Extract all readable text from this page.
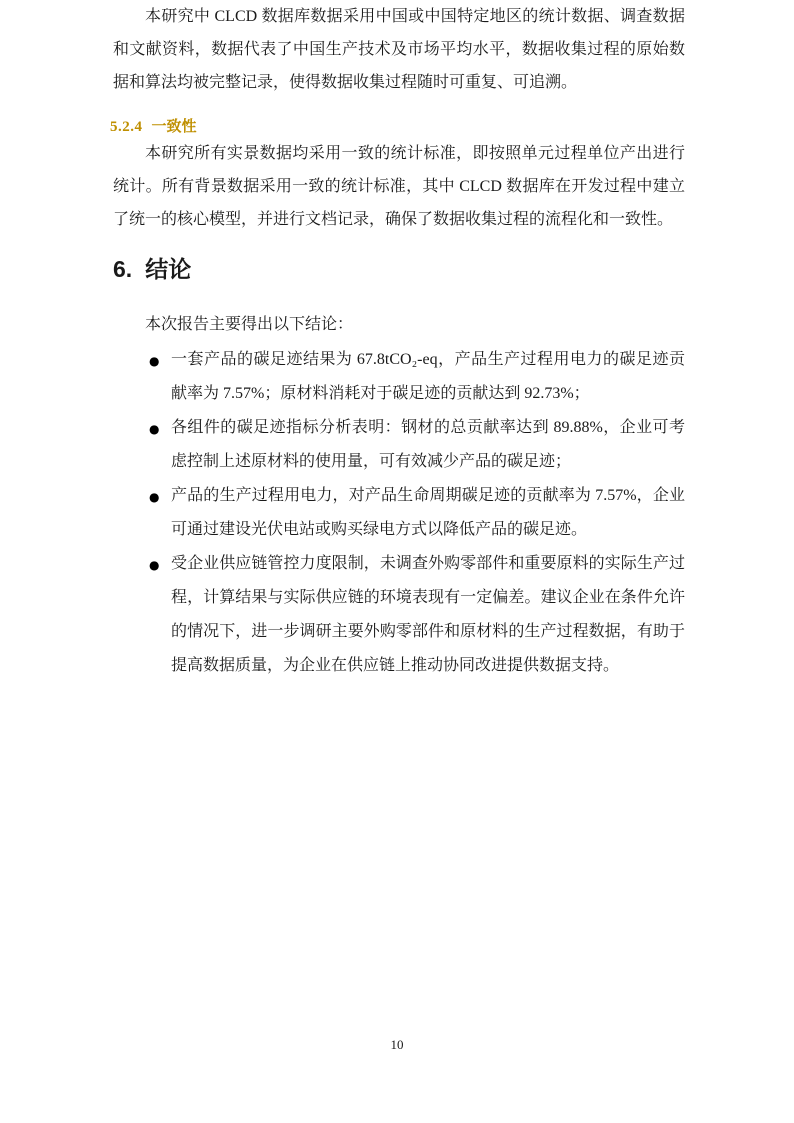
本研究中 CLCD 数据库数据采用中国或中国特定地区的统计数据、调查数据和文献资料，数据代表了中国生产技术及市场平均水平，数据收集过程的原始数据和算法均被完整记录，使得数据收集过程随时可重复、可追溯。

5.2.4 一致性

本研究所有实景数据均采用一致的统计标准，即按照单元过程单位产出进行统计。所有背景数据采用一致的统计标准，其中 CLCD 数据库在开发过程中建立了统一的核心模型，并进行文档记录，确保了数据收集过程的流程化和一致性。

6. 结论

本次报告主要得出以下结论：

● 一套产品的碳足迹结果为 67.8tCO₂-eq，产品生产过程用电力的碳足迹贡献率为 7.57%；原材料消耗对于碳足迹的贡献达到 92.73%；
● 各组件的碳足迹指标分析表明：钢材的总贡献率达到 89.88%，企业可考虑控制上述原材料的使用量，可有效减少产品的碳足迹；
● 产品的生产过程用电力，对产品生命周期碳足迹的贡献率为 7.57%，企业可通过建设光伏电站或购买绿电方式以降低产品的碳足迹。
● 受企业供应链管控力度限制，未调查外购零部件和重要原料的实际生产过程，计算结果与实际供应链的环境表现有一定偏差。建议企业在条件允许的情况下，进一步调研主要外购零部件和原材料的生产过程数据，有助于提高数据质量，为企业在供应链上推动协同改进提供数据支持。
10
